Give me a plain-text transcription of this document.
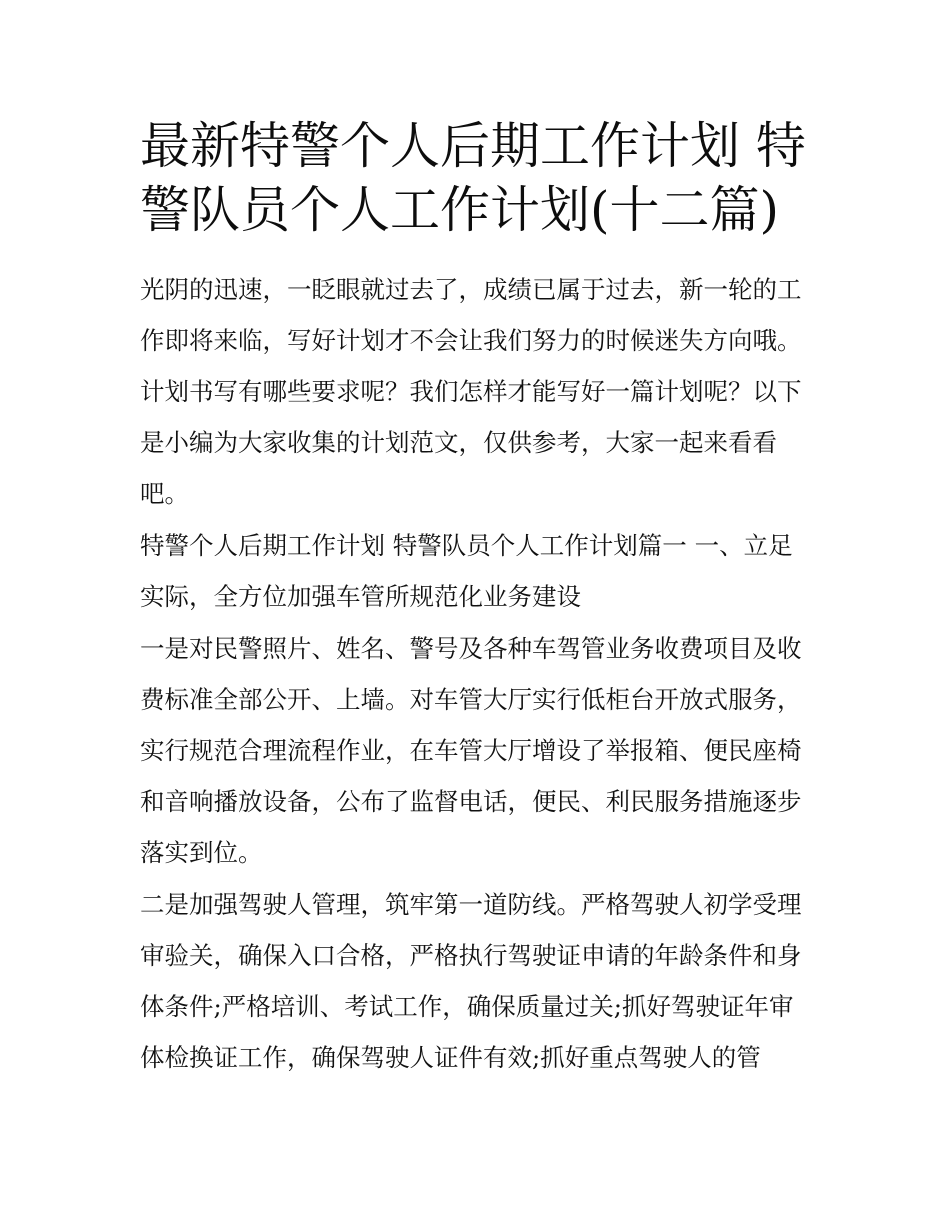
最新特警个人后期工作计划 特警队员个人工作计划(十二篇)

光阴的迅速，一眨眼就过去了，成绩已属于过去，新一轮的工作即将来临，写好计划才不会让我们努力的时候迷失方向哦。计划书写有哪些要求呢？我们怎样才能写好一篇计划呢？以下是小编为大家收集的计划范文，仅供参考，大家一起来看看吧。

特警个人后期工作计划 特警队员个人工作计划篇一 一、立足实际，全方位加强车管所规范化业务建设

一是对民警照片、姓名、警号及各种车驾管业务收费项目及收费标准全部公开、上墙。对车管大厅实行低柜台开放式服务，实行规范合理流程作业，在车管大厅增设了举报箱、便民座椅和音响播放设备，公布了监督电话，便民、利民服务措施逐步落实到位。

二是加强驾驶人管理，筑牢第一道防线。严格驾驶人初学受理审验关，确保入口合格，严格执行驾驶证申请的年龄条件和身体条件;严格培训、考试工作，确保质量过关;抓好驾驶证年审体检换证工作，确保驾驶人证件有效;抓好重点驾驶人的管
